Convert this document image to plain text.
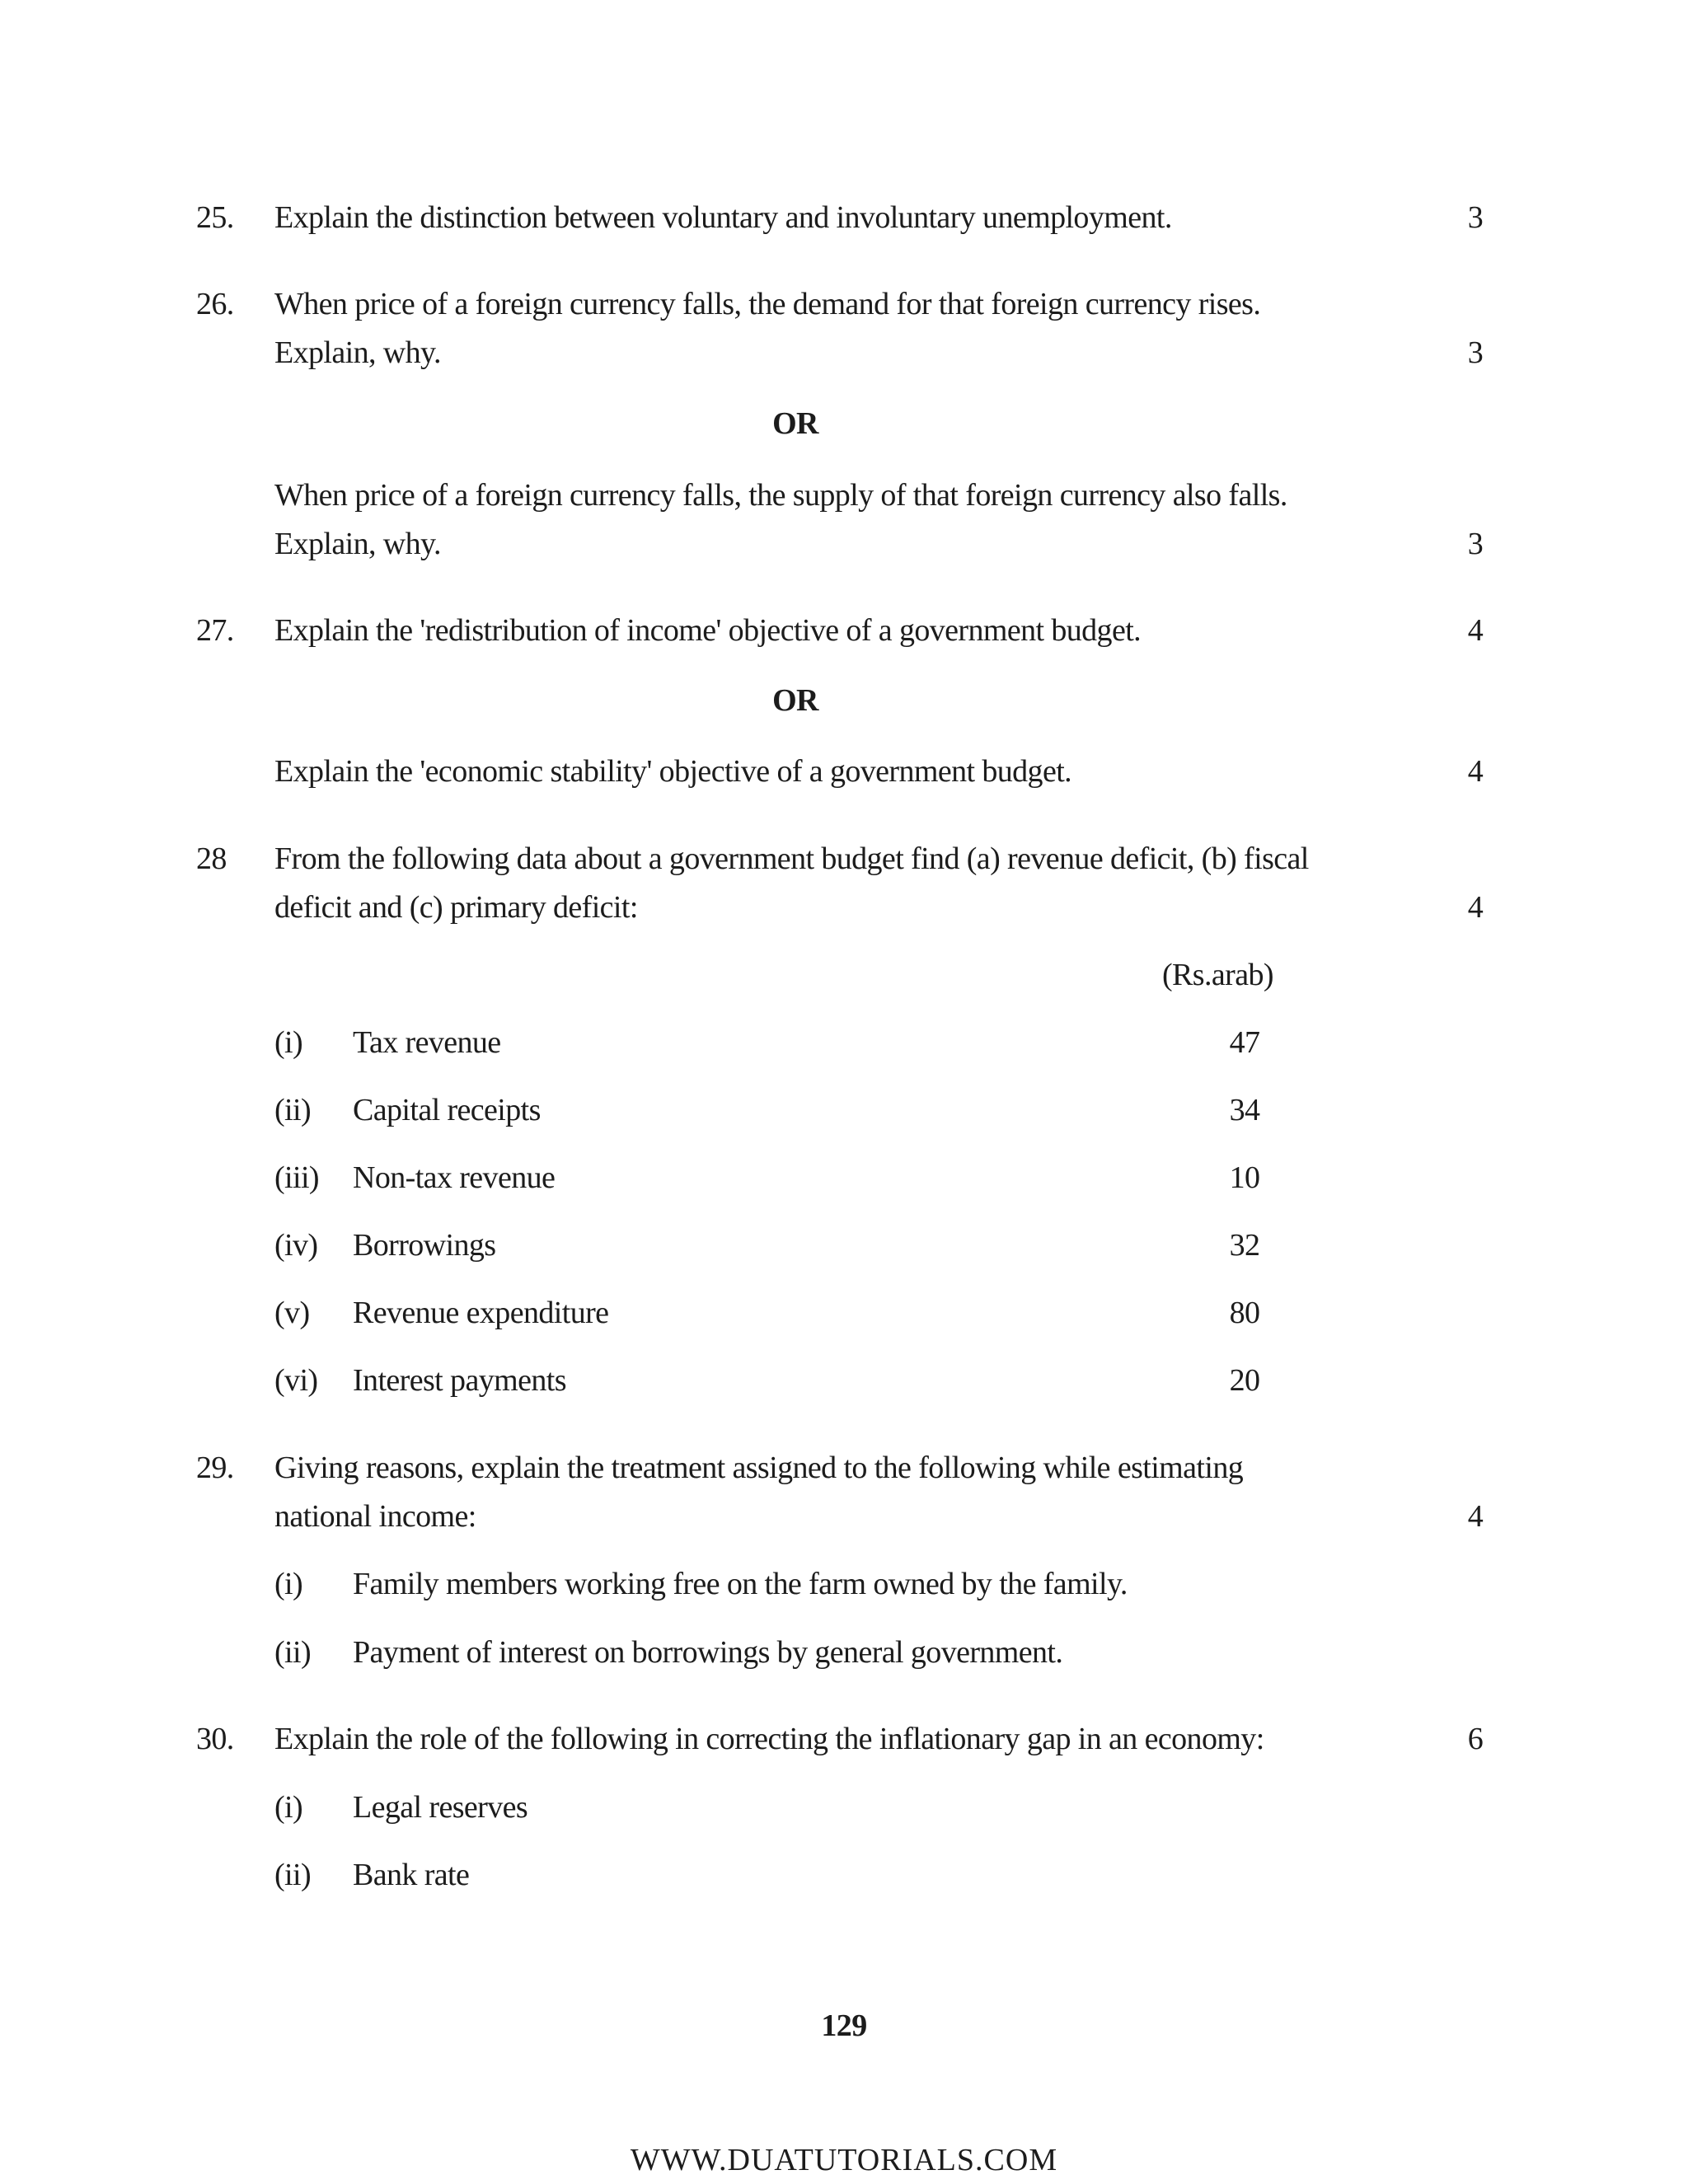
25. Explain the distinction between voluntary and involuntary unemployment.	3
26. When price of a foreign currency falls, the demand for that foreign currency rises.
Explain, why.	3
OR
When price of a foreign currency falls, the supply of that foreign currency also falls.
Explain, why.	3
27. Explain the 'redistribution of income' objective of a government budget.	4
OR
Explain the 'economic stability' objective of a government budget.	4
28 From the following data about a government budget find (a) revenue deficit, (b) fiscal
deficit and (c) primary deficit:	4
(Rs.arab)
(i) Tax revenue	47
(ii) Capital receipts	34
(iii) Non-tax revenue	10
(iv) Borrowings	32
(v) Revenue expenditure	80
(vi) Interest payments	20
29. Giving reasons, explain the treatment assigned to the following while estimating
national income:	4
(i) Family members working free on the farm owned by the family.
(ii) Payment of interest on borrowings by general government.
30. Explain the role of the following in correcting the inflationary gap in an economy:	6
(i) Legal reserves
(ii) Bank rate
129
WWW.DUATUTORIALS.COM
